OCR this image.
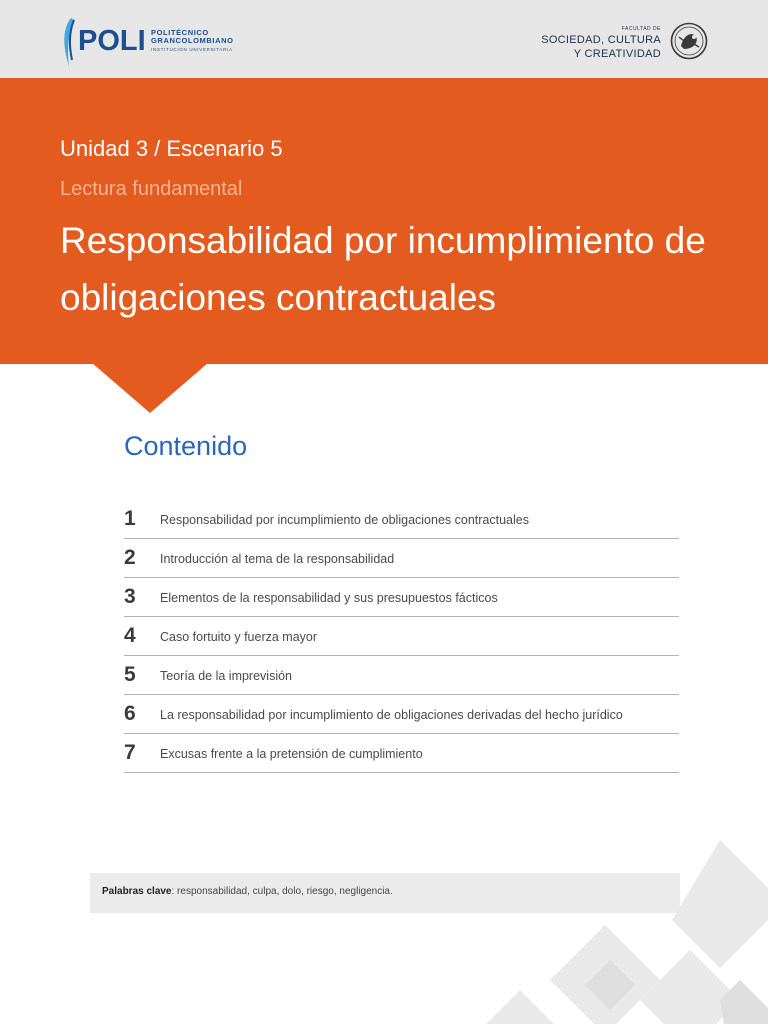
POLI POLITÉCNICO
GRANCOLOMBIANO
INSTITUCIÓN UNIVERSITARIA
FACULTAD DE
SOCIEDAD, CULTURA
Y CREATIVIDAD
Unidad 3 / Escenario 5
Lectura fundamental
Responsabilidad por incumplimiento de obligaciones contractuales
Contenido
1	Responsabilidad por incumplimiento de obligaciones contractuales
2	Introducción al tema de la responsabilidad
3	Elementos de la responsabilidad y sus presupuestos fácticos
4	Caso fortuito y fuerza mayor
5	Teoría de la imprevisión
6	La responsabilidad por incumplimiento de obligaciones derivadas del hecho jurídico
7	Excusas frente a la pretensión de cumplimiento
Palabras clave: responsabilidad, culpa, dolo, riesgo, negligencia.
